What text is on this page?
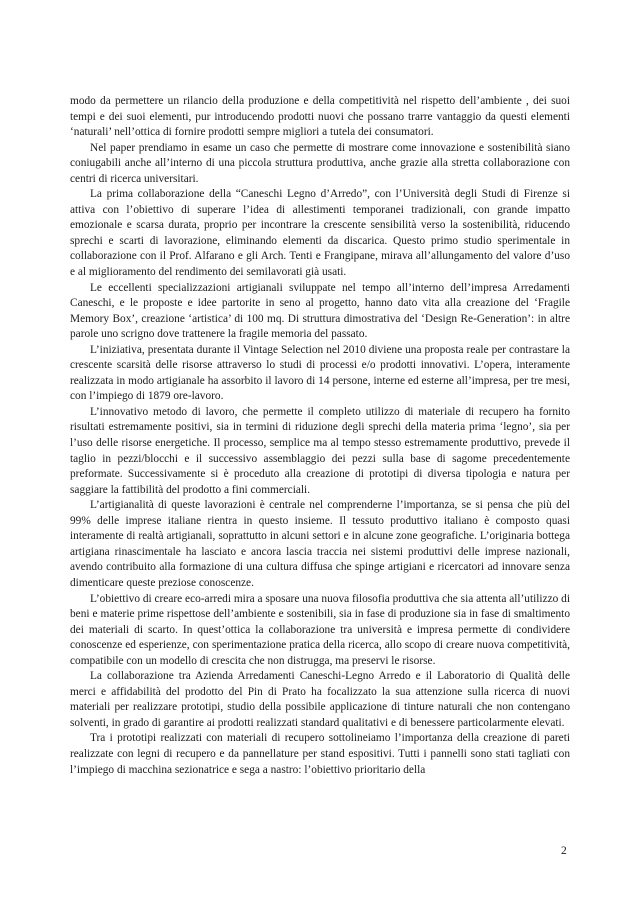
modo da permettere un rilancio della produzione e della competitività nel rispetto dell’ambiente , dei suoi tempi e dei suoi elementi, pur introducendo prodotti nuovi che possano trarre vantaggio da questi elementi ‘naturali’ nell’ottica di fornire prodotti sempre migliori a tutela dei consumatori.

Nel paper prendiamo in esame un caso che permette di mostrare come innovazione e sostenibilità siano coniugabili anche all’interno di una piccola struttura produttiva, anche grazie alla stretta collaborazione con centri di ricerca universitari.

La prima collaborazione della “Caneschi Legno d’Arredo”, con l’Università degli Studi di Firenze si attiva con l’obiettivo di superare l’idea di allestimenti temporanei tradizionali, con grande impatto emozionale e scarsa durata, proprio per incontrare la crescente sensibilità verso la sostenibilità, riducendo sprechi e scarti di lavorazione, eliminando elementi da discarica. Questo primo studio sperimentale in collaborazione con il Prof. Alfarano e gli Arch. Tenti e Frangipane, mirava all’allungamento del valore d’uso e al miglioramento del rendimento dei semilavorati già usati.

Le eccellenti specializzazioni artigianali sviluppate nel tempo all’interno dell’impresa Arredamenti Caneschi, e le proposte e idee partorite in seno al progetto, hanno dato vita alla creazione del ‘Fragile Memory Box’, creazione ‘artistica’ di 100 mq. Di struttura dimostrativa del ‘Design Re-Generation’: in altre parole uno scrigno dove trattenere la fragile memoria del passato.

L’iniziativa, presentata durante il Vintage Selection nel 2010 diviene una proposta reale per contrastare la crescente scarsità delle risorse attraverso lo studi di processi e/o prodotti innovativi. L’opera, interamente realizzata in modo artigianale ha assorbito il lavoro di 14 persone, interne ed esterne all’impresa, per tre mesi, con l’impiego di 1879 ore-lavoro.

L’innovativo metodo di lavoro, che permette il completo utilizzo di materiale di recupero ha fornito risultati estremamente positivi, sia in termini di riduzione degli sprechi della materia prima ‘legno’, sia per l’uso delle risorse energetiche. Il processo, semplice ma al tempo stesso estremamente produttivo, prevede il taglio in pezzi/blocchi e il successivo assemblaggio dei pezzi sulla base di sagome precedentemente preformate. Successivamente si è proceduto alla creazione di prototipi di diversa tipologia e natura per saggiare la fattibilità del prodotto a fini commerciali.

L’artigianalità di queste lavorazioni è centrale nel comprenderne l’importanza, se si pensa che più del 99% delle imprese italiane rientra in questo insieme. Il tessuto produttivo italiano è composto quasi interamente di realtà artigianali, soprattutto in alcuni settori e in alcune zone geografiche. L’originaria bottega artigiana rinascimentale ha lasciato e ancora lascia traccia nei sistemi produttivi delle imprese nazionali, avendo contribuito alla formazione di una cultura diffusa che spinge artigiani e ricercatori ad innovare senza dimenticare queste preziose conoscenze.

L’obiettivo di creare eco-arredi mira a sposare una nuova filosofia produttiva che sia attenta all’utilizzo di beni e materie prime rispettose dell’ambiente e sostenibili, sia in fase di produzione sia in fase di smaltimento dei materiali di scarto. In quest’ottica la collaborazione tra università e impresa permette di condividere conoscenze ed esperienze, con sperimentazione pratica della ricerca, allo scopo di creare nuova competitività, compatibile con un modello di crescita che non distrugga, ma preservi le risorse.

La collaborazione tra Azienda Arredamenti Caneschi-Legno Arredo e il Laboratorio di Qualità delle merci e affidabilità del prodotto del Pin di Prato ha focalizzato la sua attenzione sulla ricerca di nuovi materiali per realizzare prototipi, studio della possibile applicazione di tinture naturali che non contengano solventi, in grado di garantire ai prodotti realizzati standard qualitativi e di benessere particolarmente elevati.

Tra i prototipi realizzati con materiali di recupero sottolineiamo l’importanza della creazione di pareti realizzate con legni di recupero e da pannellature per stand espositivi. Tutti i pannelli sono stati tagliati con l’impiego di macchina sezionatrice e sega a nastro: l’obiettivo prioritario della

2
